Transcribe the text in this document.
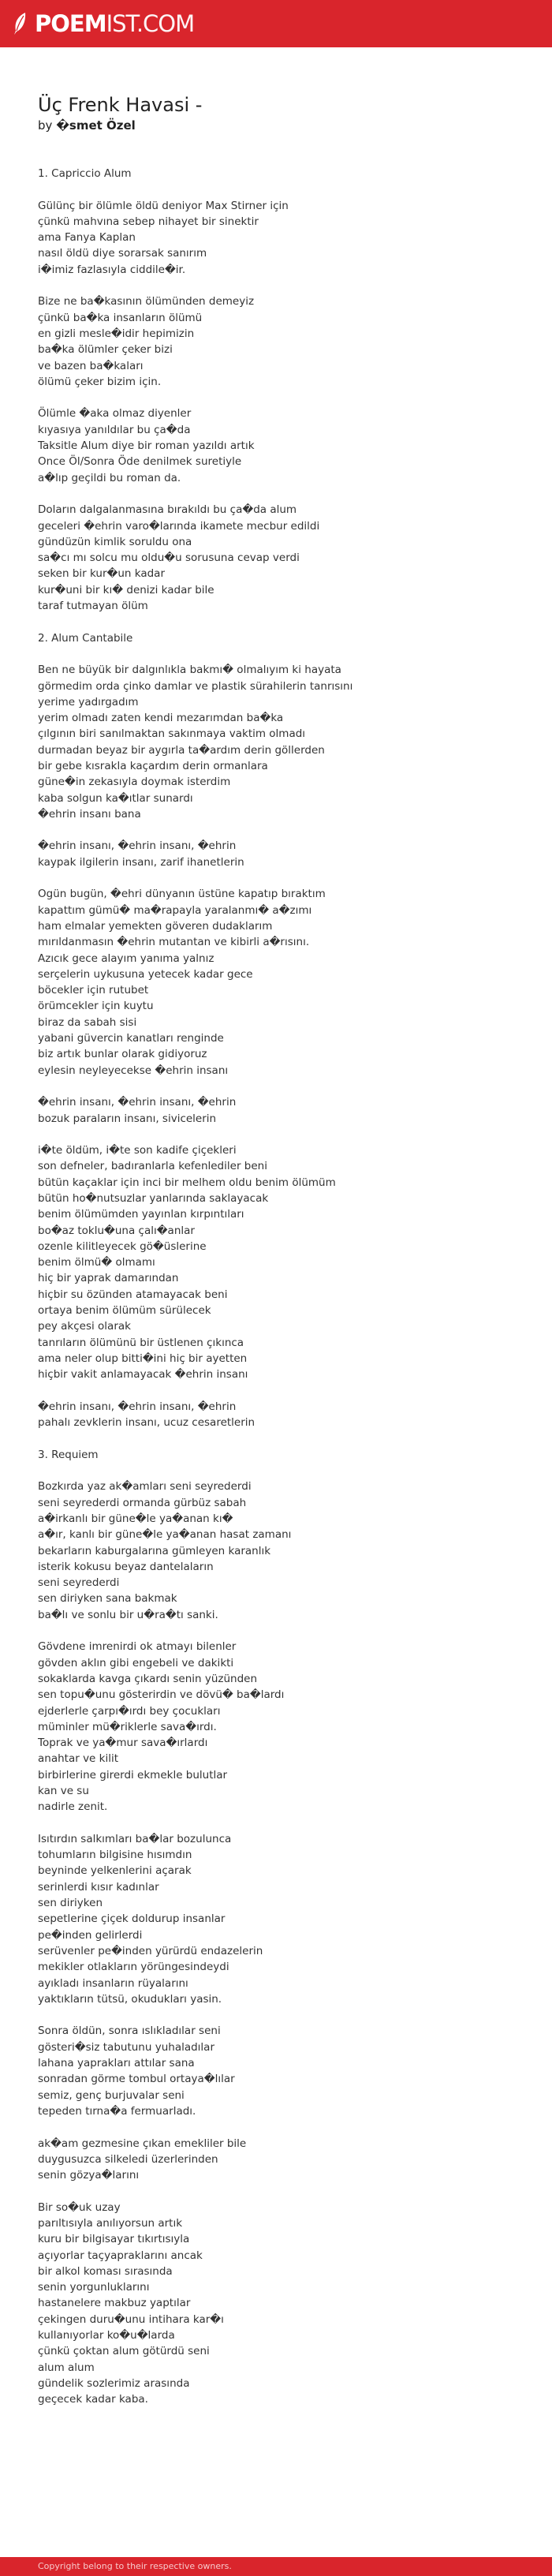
POEM IST.COM
Üç Frenk Havasi -
by �smet Özel
1. Capriccio Alum

Gülünç bir ölümle öldü deniyor Max Stirner için
çünkü mahvına sebep nihayet bir sinektir
ama Fanya Kaplan
nasıl öldü diye sorarsak sanırım
i�imiz fazlasıyla ciddile�ir.

Bize ne ba�kasının ölümünden demeyiz
çünkü ba�ka insanların ölümü
en gizli mesle�idir hepimizin
ba�ka ölümler çeker bizi
ve bazen ba�kaları
ölümü çeker bizim için.

Ölümle �aka olmaz diyenler
kıyasıya yanıldılar bu ça�da
Taksitle Alum diye bir roman yazıldı artık
Once Öl/Sonra Öde denilmek suretiyle
a�lıp geçildi bu roman da.

Doların dalgalanmasına bırakıldı bu ça�da alum
geceleri �ehrin varo�larında ikamete mecbur edildi
gündüzün kimlik soruldu ona
sa�cı mı solcu mu oldu�u sorusuna cevap verdi
seken bir kur�un kadar
kur�uni bir kı� denizi kadar bile
taraf tutmayan ölüm

2. Alum Cantabile

Ben ne büyük bir dalgınlıkla bakmı� olmalıyım ki hayata
görmedim orda çinko damlar ve plastik sürahilerin tanrısını
yerime yadırgadım
yerim olmadı zaten kendi mezarımdan ba�ka
çılgının biri sanılmaktan sakınmaya vaktim olmadı
durmadan beyaz bir aygırla ta�ardım derin göllerden
bir gebe kısrakla kaçardım derin ormanlara
güne�in zekasıyla doymak isterdim
kaba solgun ka�ıtlar sunardı
�ehrin insanı bana

�ehrin insanı, �ehrin insanı, �ehrin
kaypak ilgilerin insanı, zarif ihanetlerin

Ogün bugün, �ehri dünyanın üstüne kapatıp bıraktım
kapattım gümü� ma�rapayla yaralanmı� a�zımı
ham elmalar yemekten göveren dudaklarım
mırıldanmasın �ehrin mutantan ve kibirli a�rısını.
Azıcık gece alayım yanıma yalnız
serçelerin uykusuna yetecek kadar gece
böcekler için rutubet
örümcekler için kuytu
biraz da sabah sisi
yabani güvercin kanatları renginde
biz artık bunlar olarak gidiyoruz
eylesin neyleyecekse �ehrin insanı

�ehrin insanı, �ehrin insanı, �ehrin
bozuk paraların insanı, sivicelerin

i�te öldüm, i�te son kadife çiçekleri
son defneler, badıranlarla kefenlediler beni
bütün kaçaklar için inci bir melhem oldu benim ölümüm
bütün ho�nutsuzlar yanlarında saklayacak
benim ölümümden yayınlan kırpıntıları
bo�az toklu�una çalı�anlar
ozenle kilitleyecek gö�üslerine
benim ölmü� olmamı
hiç bir yaprak damarından
hiçbir su özünden atamayacak beni
ortaya benim ölümüm sürülecek
pey akçesi olarak
tanrıların ölümünü bir üstlenen çıkınca
ama neler olup bitti�ini hiç bir ayetten
hiçbir vakit anlamayacak �ehrin insanı

�ehrin insanı, �ehrin insanı, �ehrin
pahalı zevklerin insanı, ucuz cesaretlerin

3. Requiem

Bozkırda yaz ak�amları seni seyrederdi
seni seyrederdi ormanda gürbüz sabah
a�irkanlı bir güne�le ya�anan kı�
a�ır, kanlı bir güne�le ya�anan hasat zamanı
bekarların kaburgalarına gümleyen karanlık
isterik kokusu beyaz dantelaların
seni seyrederdi
sen diriyken sana bakmak
ba�lı ve sonlu bir u�ra�tı sanki.

Gövdene imrenirdi ok atmayı bilenler
gövden aklın gibi engebeli ve dakikti
sokaklarda kavga çıkardı senin yüzünden
sen topu�unu gösterirdin ve dövü� ba�lardı
ejderlerle çarpı�ırdı bey çocukları
müminler mü�riklerle sava�ırdı.
Toprak ve ya�mur sava�ırlardı
anahtar ve kilit
birbirlerine girerdi ekmekle bulutlar
kan ve su
nadirle zenit.

Isıtırdın salkımları ba�lar bozulunca
tohumların bilgisine hısımdın
beyninde yelkenlerini açarak
serinlerdi kısır kadınlar
sen diriyken
sepetlerine çiçek doldurup insanlar
pe�inden gelirlerdi
serüvenler pe�inden yürürdü endazelerin
mekikler otlakların yörüngesindeydi
ayıkladı insanların rüyalarını
yaktıkların tütsü, okudukları yasin.

Sonra öldün, sonra ıslıkladılar seni
gösteri�siz tabutunu yuhaladılar
lahana yaprakları attılar sana
sonradan görme tombul ortaya�lılar
semiz, genç burjuvalar seni
tepeden tırna�a fermuarladı.

ak�am gezmesine çıkan emekliler bile
duygusuzca silkeledi üzerlerinden
senin gözya�larını

Bir so�uk uzay
parıltısıyla anılıyorsun artık
kuru bir bilgisayar tıkırtısıyla
açıyorlar taçyapraklarını ancak
bir alkol koması sırasında
senin yorgunluklarını
hastanelere makbuz yaptılar
çekingen duru�unu intihara kar�ı
kullanıyorlar ko�u�larda
çünkü çoktan alum götürdü seni
alum alum
gündelik sozlerimiz arasında
geçecek kadar kaba.
Copyright belong to their respective owners.
